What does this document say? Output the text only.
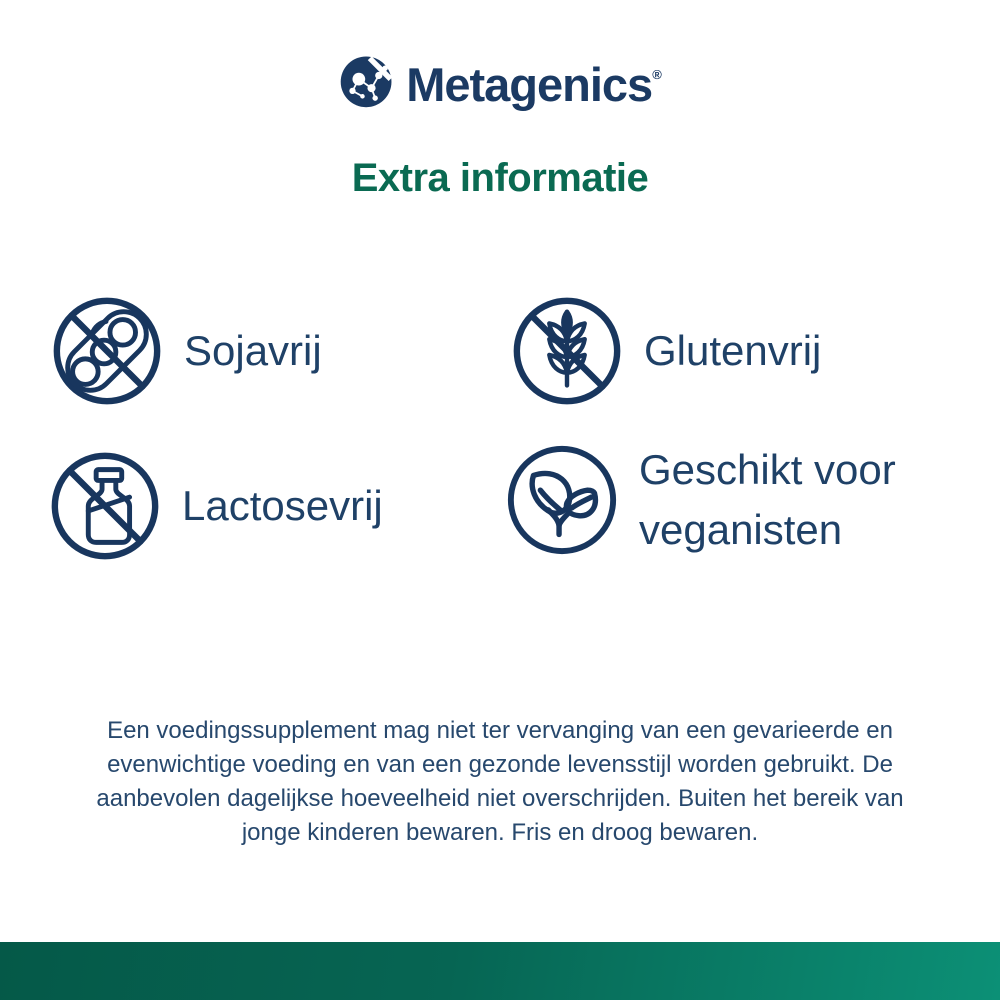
Metagenics®
Extra informatie
Sojavrij	Glutenvrij
Lactosevrij
Geschikt voor veganisten
Een voedingssupplement mag niet ter vervanging van een gevarieerde en
evenwichtige voeding en van een gezonde levensstijl worden gebruikt. De
aanbevolen dagelijkse hoeveelheid niet overschrijden. Buiten het bereik van
jonge kinderen bewaren. Fris en droog bewaren.
